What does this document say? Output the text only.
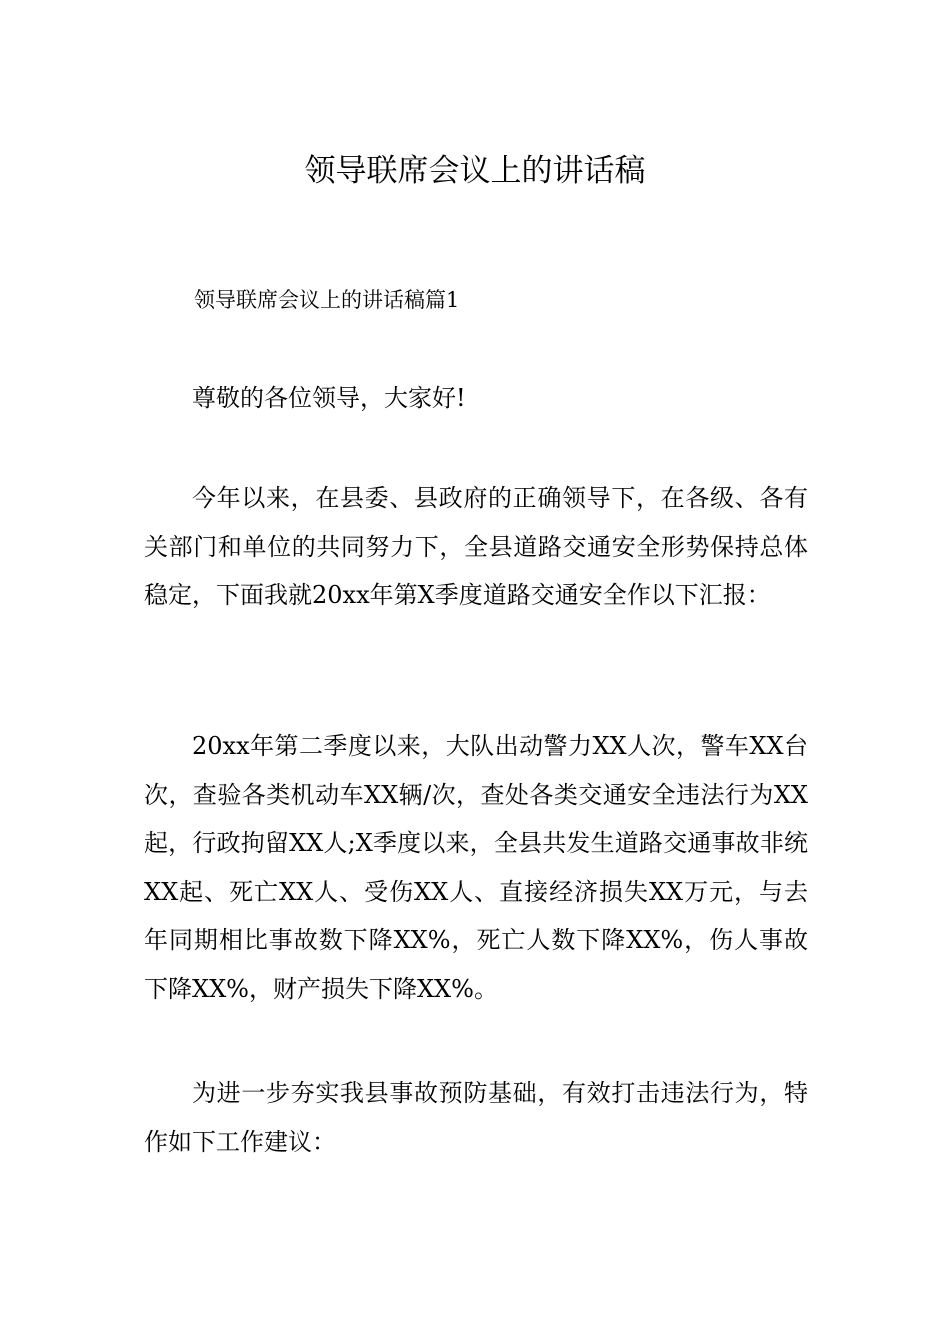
领导联席会议上的讲话稿
领导联席会议上的讲话稿篇1

尊敬的各位领导，大家好!

今年以来，在县委、县政府的正确领导下，在各级、各有关部门和单位的共同努力下，全县道路交通安全形势保持总体稳定，下面我就20xx年第X季度道路交通安全作以下汇报：

20xx年第二季度以来，大队出动警力XX人次，警车XX台次，查验各类机动车XX辆/次，查处各类交通安全违法行为XX起，行政拘留XX人;X季度以来，全县共发生道路交通事故非统XX起、死亡XX人、受伤XX人、直接经济损失XX万元，与去年同期相比事故数下降XX%，死亡人数下降XX%，伤人事故下降XX%，财产损失下降XX%。

为进一步夯实我县事故预防基础，有效打击违法行为，特作如下工作建议：
